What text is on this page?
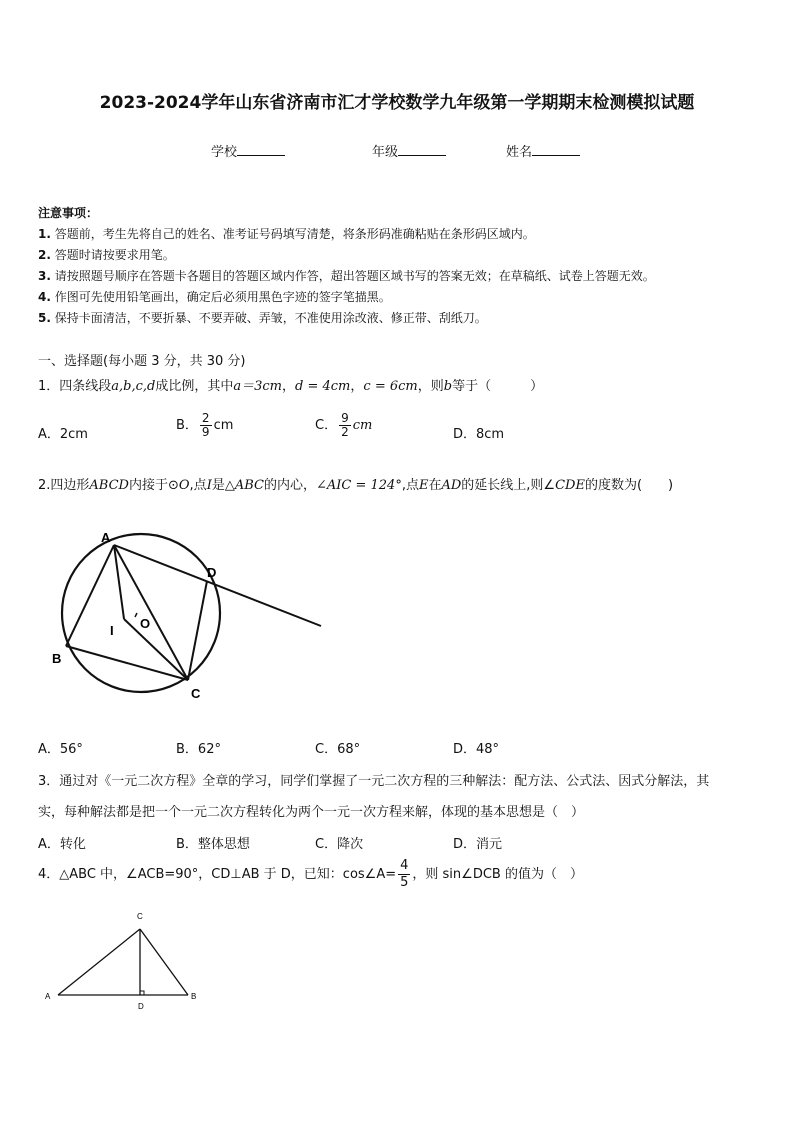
2023-2024学年山东省济南市汇才学校数学九年级第一学期期末检测模拟试题
学校	年级	姓名
注意事项：
1. 答题前，考生先将自己的姓名、准考证号码填写清楚，将条形码准确粘贴在条形码区域内。
2. 答题时请按要求用笔。
3. 请按照题号顺序在答题卡各题目的答题区域内作答，超出答题区域书写的答案无效；在草稿纸、试卷上答题无效。
4. 作图可先使用铅笔画出，确定后必须用黑色字迹的签字笔描黑。
5. 保持卡面清洁，不要折暴、不要弄破、弄皱，不准使用涂改液、修正带、刮纸刀。
一、选择题(每小题 3 分，共 30 分)
1．四条线段a,b,c,d成比例，其中a＝3cm，d = 4cm，c = 6cm，则b等于（　　　）
A．2cm
B． $\frac{2}{9}$ cm	C． $\frac{9}{2}$ cm
D．8cm
2.四边形ABCD内接于⊙O,点I是△ABC的内心，∠AIC = 124°,点E在AD的延长线上,则∠CDE的度数为(　　)
A
B
C
D
I O
A．56°	B．62°	C．68°	D．48°
3．通过对《一元二次方程》全章的学习，同学们掌握了一元二次方程的三种解法：配方法、公式法、因式分解法，其
实，每种解法都是把一个一元二次方程转化为两个一元一次方程来解，体现的基本思想是（　）
A．转化	B．整体思想	C．降次	D．消元
4．△ABC 中，∠ACB=90°，CD⊥AB 于 D，已知：cos∠A= $\frac{4}{5}$ ，则 sin∠DCB 的值为（　）
C
A	B
D
